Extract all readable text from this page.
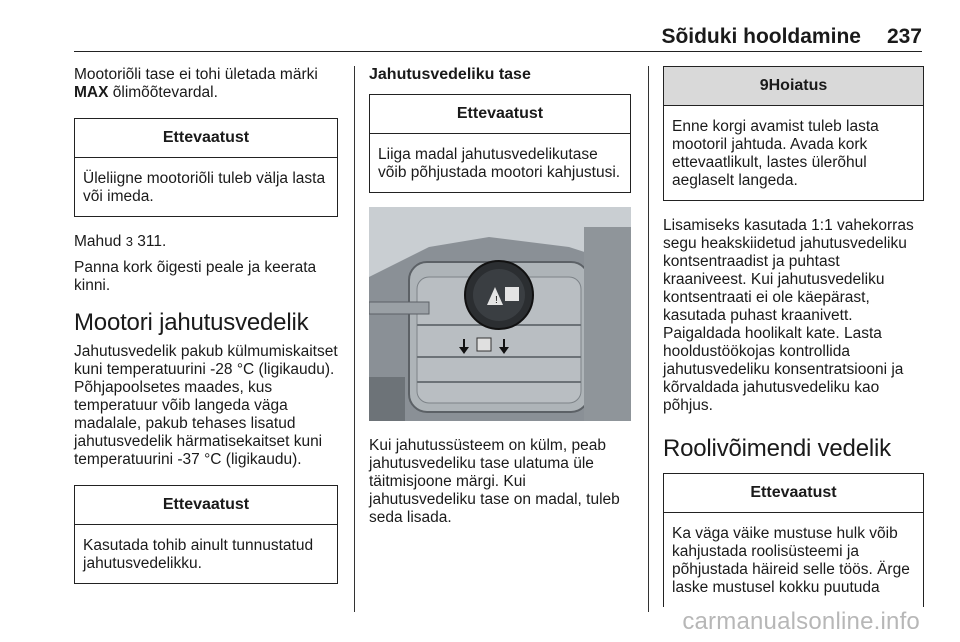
Sõiduki hooldamine 237

Mootoriõli tase ei tohi ületada märki
MAX õlimõõtevardal.

Ettevaatust
Üleliigne mootoriõli tuleb välja lasta või imeda.

Mahud 3 311.

Panna kork õigesti peale ja keerata kinni.

Mootori jahutusvedelik

Jahutusvedelik pakub külmumiskaitset kuni temperatuurini -28 °C (ligikaudu). Põhjapoolsetes maades, kus temperatuur võib langeda väga madalale, pakub tehases lisatud jahutusvedelik härmatisekaitset kuni temperatuurini -37 °C (ligikaudu).

Ettevaatust
Kasutada tohib ainult tunnustatud jahutusvedelikku.
Jahutusvedeliku tase
Ettevaatust
Liiga madal jahutusvedelikutase võib põhjustada mootori kahjustusi.
!

Kui jahutussüsteem on külm, peab jahutusvedeliku tase ulatuma üle täitmisjoone märgi. Kui jahutusvedeliku tase on madal, tuleb seda lisada.

9Hoiatus
Enne korgi avamist tuleb lasta mootoril jahtuda. Avada kork ettevaatlikult, lastes ülerõhul aeglaselt langeda.

Lisamiseks kasutada 1:1 vahekorras segu heakskiidetud jahutusvedeliku kontsentraadist ja puhtast kraaniveest. Kui jahutusvedeliku kontsentraati ei ole käepärast, kasutada puhast kraanivett. Paigaldada hoolikalt kate. Lasta hooldustöökojas kontrollida jahutusvedeliku konsentratsiooni ja kõrvaldada jahutusvedeliku kao põhjus.

Roolivõimendi vedelik
Ettevaatust
Ka väga väike mustuse hulk võib kahjustada roolisüsteemi ja põhjustada häireid selle töös. Ärge laske mustusel kokku puutuda
carmanualsonline.info
